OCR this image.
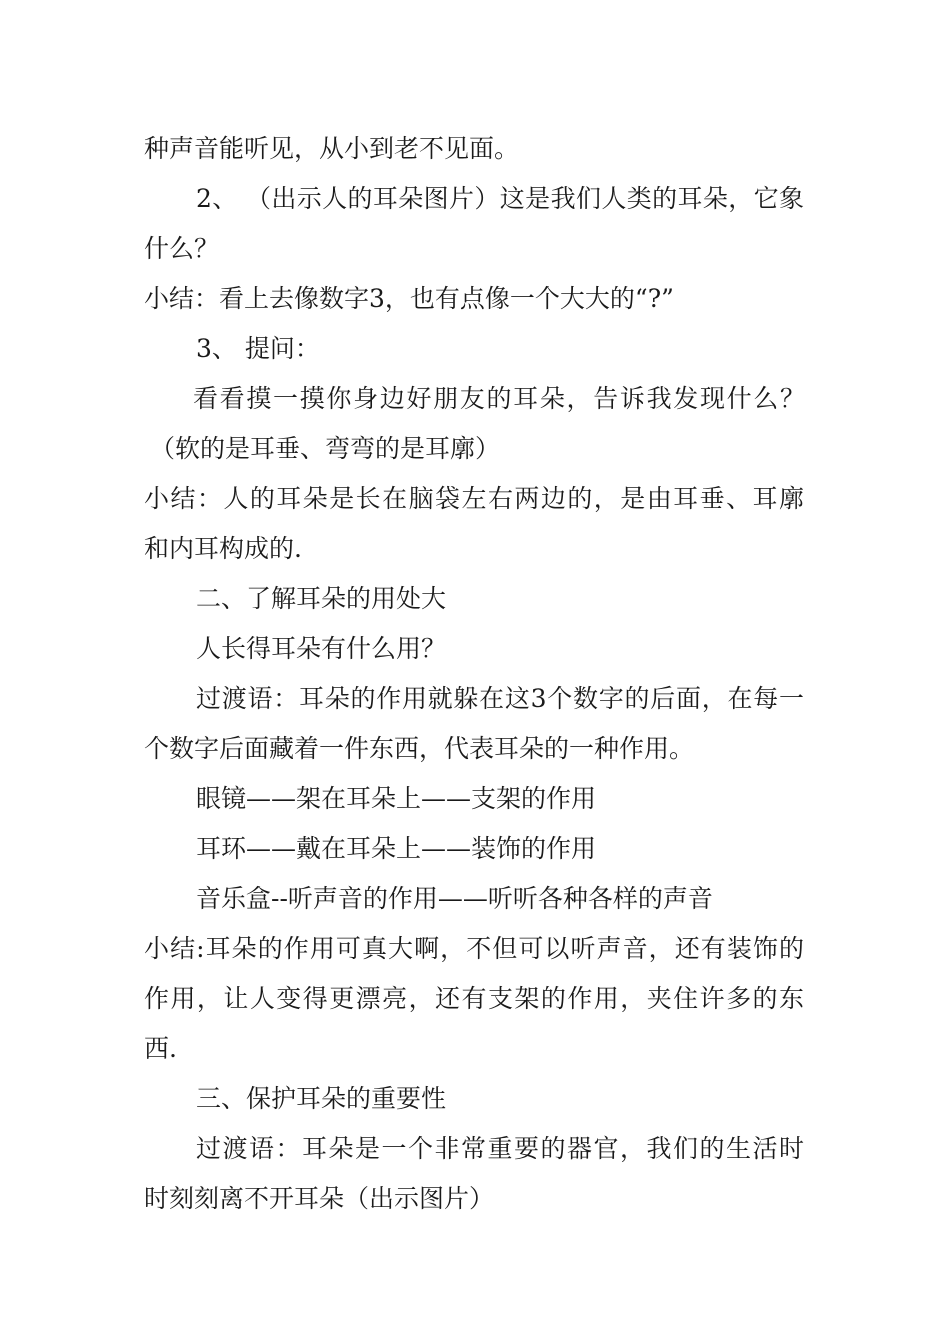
种声音能听见，从小到老不见面。
2、 （出示人的耳朵图片）这是我们人类的耳朵，它象
什么？
小结：看上去像数字3，也有点像一个大大的“?”
3、 提问：
看看摸一摸你身边好朋友的耳朵，告诉我发现什么？
（软的是耳垂、弯弯的是耳廓）
小结：人的耳朵是长在脑袋左右两边的，是由耳垂、耳廓
和内耳构成的.
二、了解耳朵的用处大
人长得耳朵有什么用？
过渡语：耳朵的作用就躲在这3个数字的后面，在每一
个数字后面藏着一件东西，代表耳朵的一种作用。
眼镜——架在耳朵上——支架的作用
耳环——戴在耳朵上——装饰的作用
音乐盒--听声音的作用——听听各种各样的声音
小结:耳朵的作用可真大啊，不但可以听声音，还有装饰的
作用，让人变得更漂亮，还有支架的作用，夹住许多的东
西.
三、保护耳朵的重要性
过渡语：耳朵是一个非常重要的器官，我们的生活时
时刻刻离不开耳朵（出示图片）
